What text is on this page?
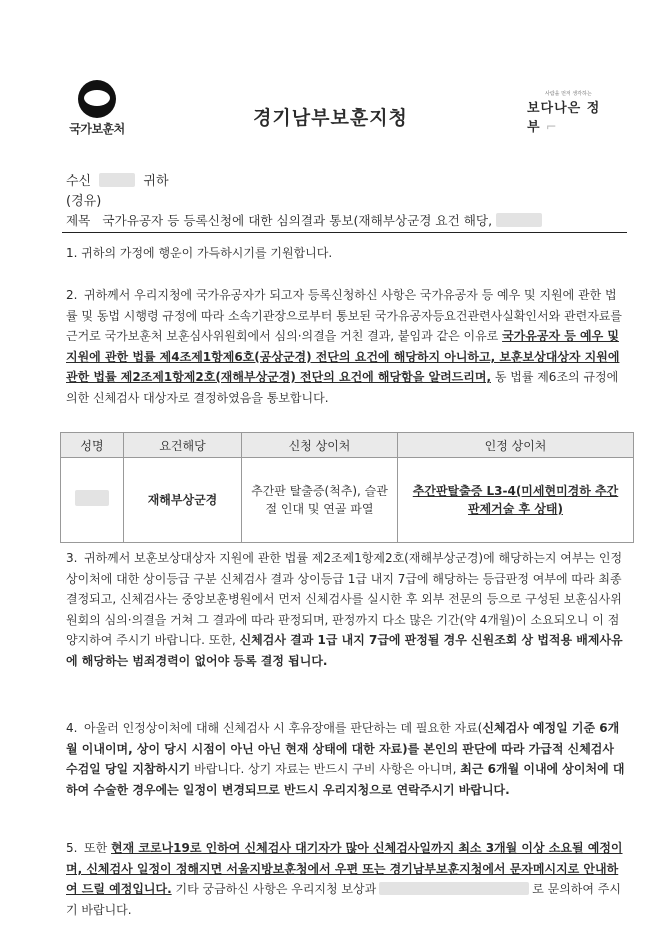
국가보훈처	경기남부보훈지청
사람을 먼저 생각하는
보다나은 정부 ⌐
수신	귀하
(경유)
제목 국가유공자 등 등록신청에 대한 심의결과 통보(재해부상군경 요건 해당,
1. 귀하의 가정에 행운이 가득하시기를 기원합니다.

2. 귀하께서 우리지청에 국가유공자가 되고자 등록신청하신 사항은 국가유공자 등 예우 및 지원에 관한 법률 및 동법 시행령 규정에 따라 소속기관장으로부터 통보된 국가유공자등요건관련사실확인서와 관련자료를 근거로 국가보훈처 보훈심사위원회에서 심의·의결을 거친 결과, 붙임과 같은 이유로 국가유공자 등 예우 및 지원에 관한 법률 제4조제1항제6호(공상군경) 전단의 요건에 해당하지 아니하고, 보훈보상대상자 지원에 관한 법률 제2조제1항제2호(재해부상군경) 전단의 요건에 해당함을 알려드리며, 동 법률 제6조의 규정에 의한 신체검사 대상자로 결정하였음을 통보합니다.

성명	요건해당	신청 상이처	인정 상이처
	재해부상군경	추간판 탈출증(척추), 슬관절 인대 및 연골 파열	추간판탈출증 L3-4(미세현미경하 추간판제거술 후 상태)

3. 귀하께서 보훈보상대상자 지원에 관한 법률 제2조제1항제2호(재해부상군경)에 해당하는지 여부는 인정상이처에 대한 상이등급 구분 신체검사 결과 상이등급 1급 내지 7급에 해당하는 등급판정 여부에 따라 최종결정되고, 신체검사는 중앙보훈병원에서 먼저 신체검사를 실시한 후 외부 전문의 등으로 구성된 보훈심사위원회의 심의·의결을 거쳐 그 결과에 따라 판정되며, 판정까지 다소 많은 기간(약 4개월)이 소요되오니 이 점 양지하여 주시기 바랍니다. 또한, 신체검사 결과 1급 내지 7급에 판정될 경우 신원조회 상 법적용 배제사유에 해당하는 범죄경력이 없어야 등록 결정 됩니다.

4. 아울러 인정상이처에 대해 신체검사 시 후유장애를 판단하는 데 필요한 자료(신체검사 예정일 기준 6개월 이내이며, 상이 당시 시점이 아닌 아닌 현재 상태에 대한 자료)를 본인의 판단에 따라 가급적 신체검사 수검일 당일 지참하시기 바랍니다. 상기 자료는 반드시 구비 사항은 아니며, 최근 6개월 이내에 상이처에 대하여 수술한 경우에는 일정이 변경되므로 반드시 우리지청으로 연락주시기 바랍니다.

5. 또한 현재 코로나19로 인하여 신체검사 대기자가 많아 신체검사일까지 최소 3개월 이상 소요될 예정이며, 신체검사 일정이 정해지면 서울지방보훈청에서 우편 또는 경기남부보훈지청에서 문자메시지로 안내하여 드릴 예정입니다. 기타 궁금하신 사항은 우리지청 보상과	로 문의하여 주시기 바랍니다.
